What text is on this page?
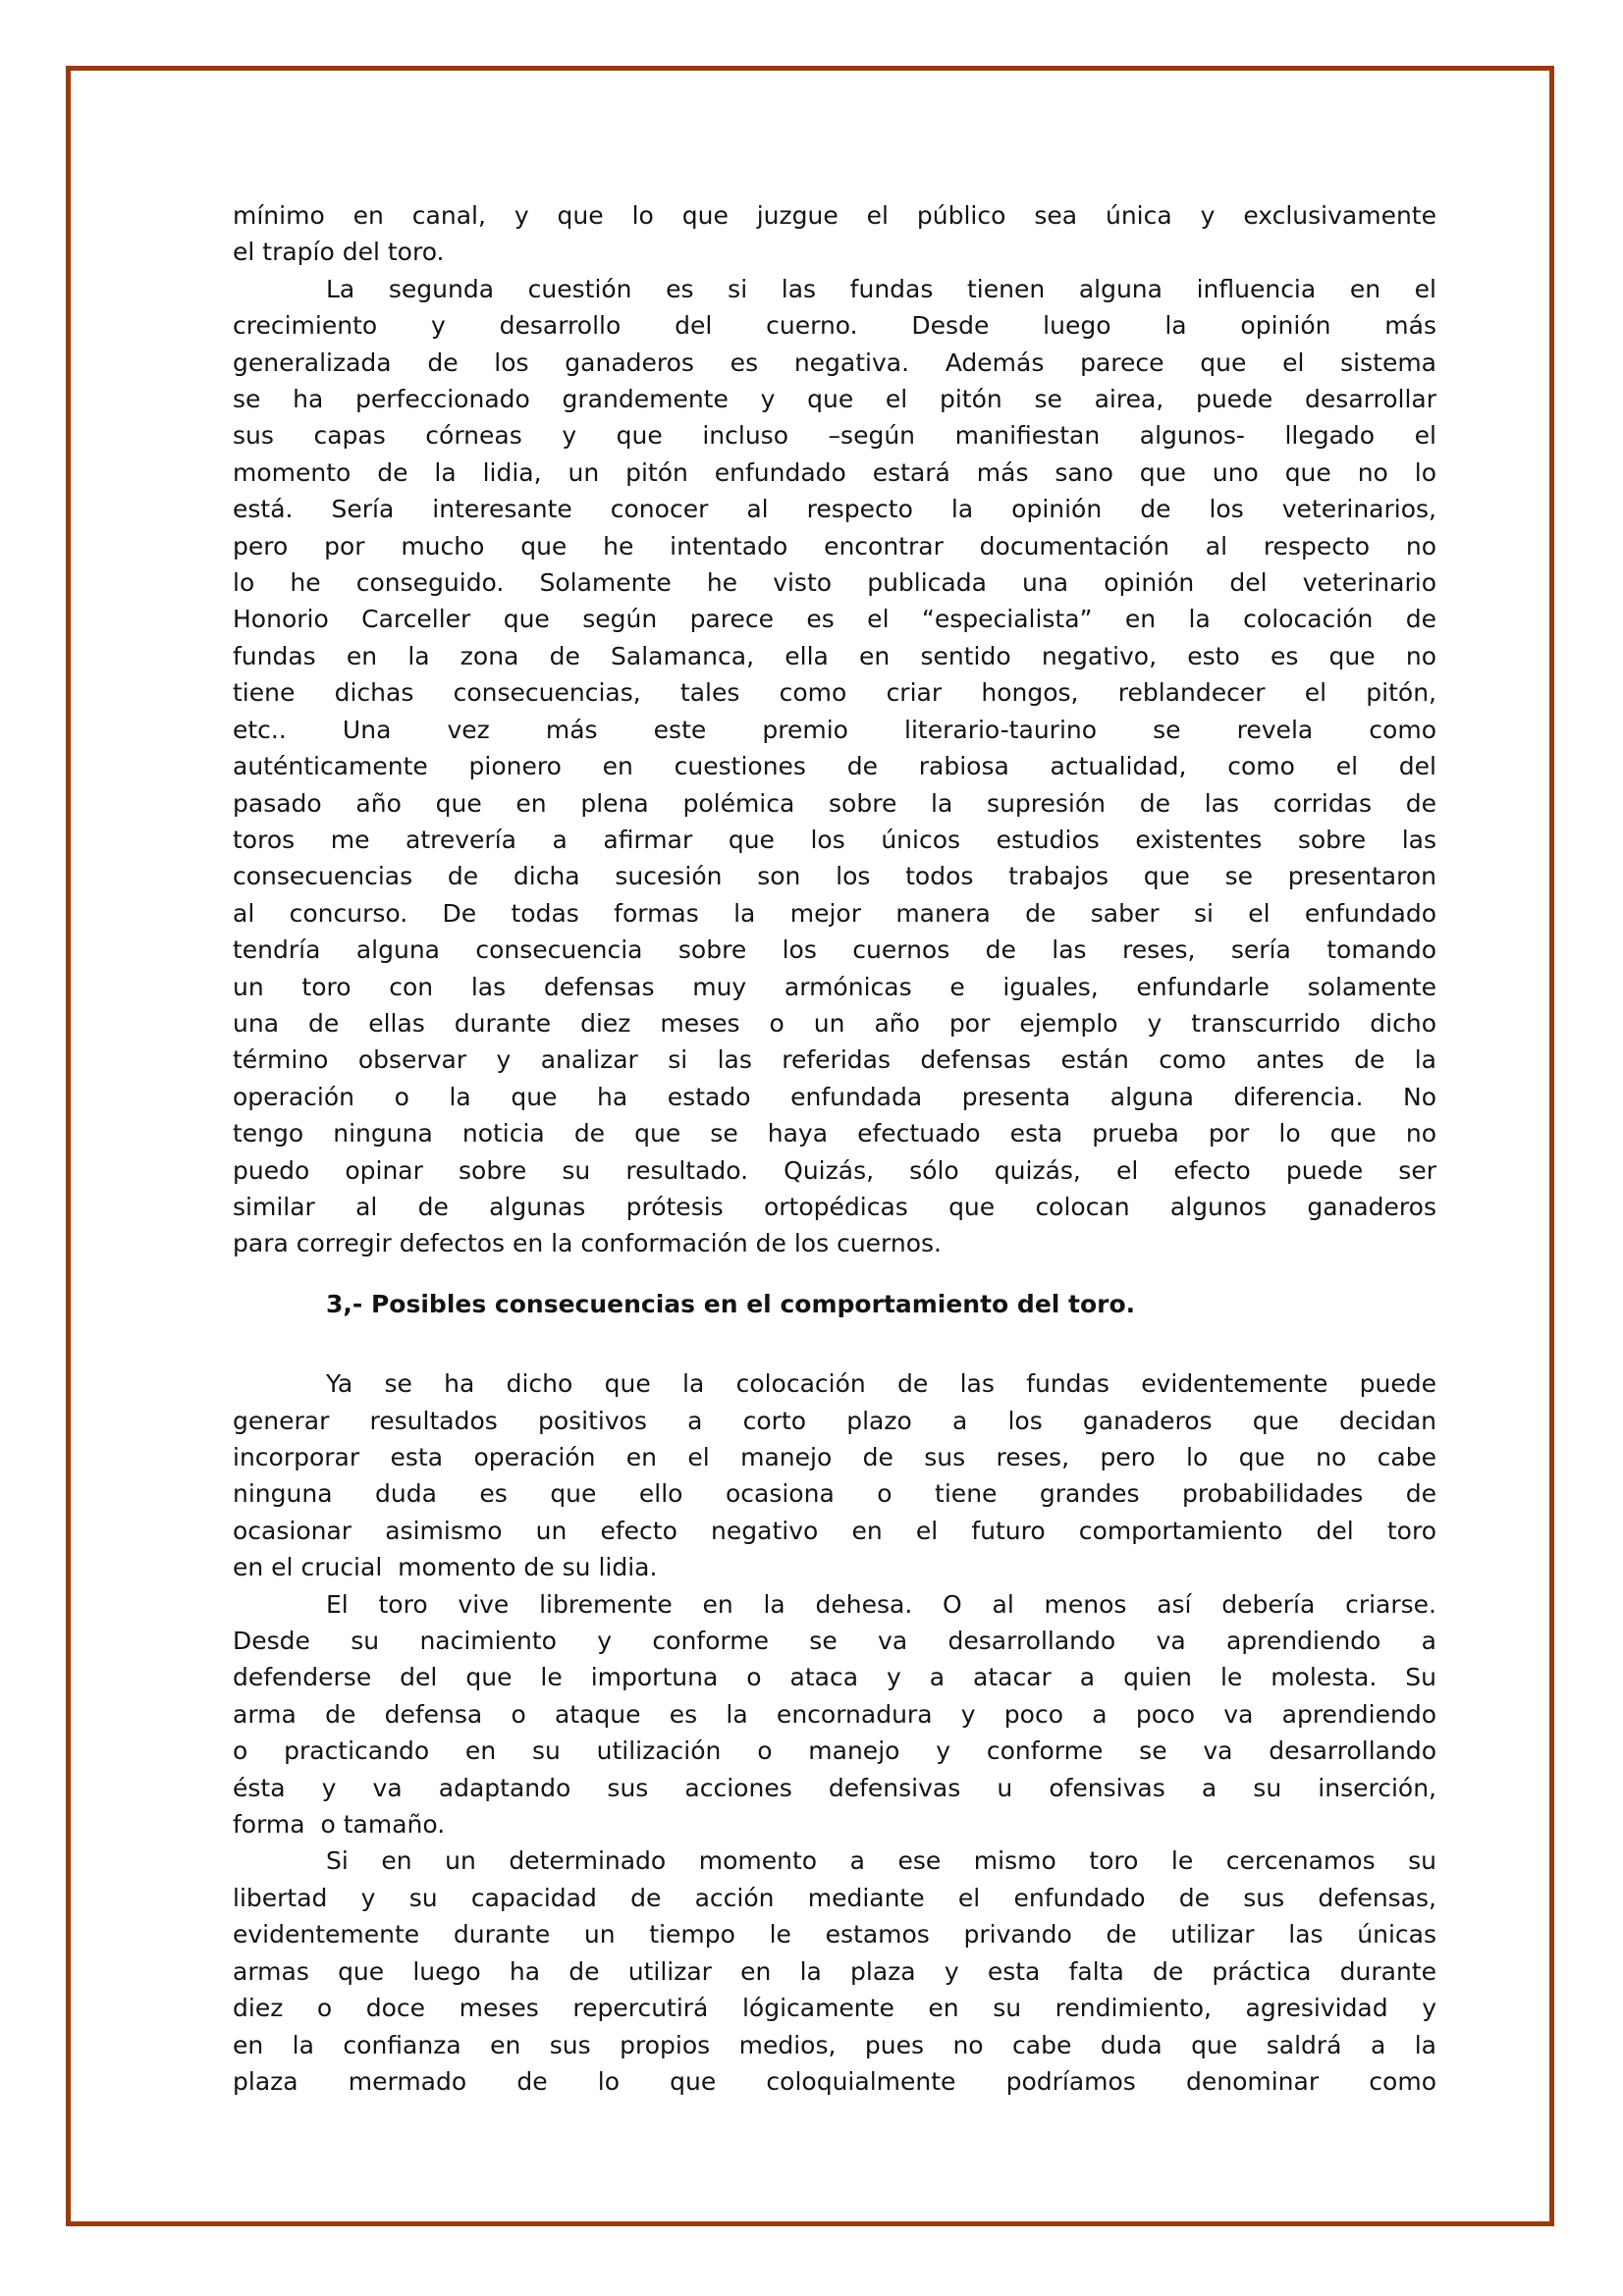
mínimo en canal, y que lo que juzgue el público sea única y exclusivamente
el trapío del toro.
La segunda cuestión es si las fundas tienen alguna influencia en el
crecimiento y desarrollo del cuerno. Desde luego la opinión más
generalizada de los ganaderos es negativa. Además parece que el sistema
se ha perfeccionado grandemente y que el pitón se airea, puede desarrollar
sus capas córneas y que incluso –según manifiestan algunos- llegado el
momento de la lidia, un pitón enfundado estará más sano que uno que no lo
está. Sería interesante conocer al respecto la opinión de los veterinarios,
pero por mucho que he intentado encontrar documentación al respecto no
lo he conseguido. Solamente he visto publicada una opinión del veterinario
Honorio Carceller que según parece es el “especialista” en la colocación de
fundas en la zona de Salamanca, ella en sentido negativo, esto es que no
tiene dichas consecuencias, tales como criar hongos, reblandecer el pitón,
etc.. Una vez más este premio literario-taurino se revela como
auténticamente pionero en cuestiones de rabiosa actualidad, como el del
pasado año que en plena polémica sobre la supresión de las corridas de
toros me atrevería a afirmar que los únicos estudios existentes sobre las
consecuencias de dicha sucesión son los todos trabajos que se presentaron
al concurso. De todas formas la mejor manera de saber si el enfundado
tendría alguna consecuencia sobre los cuernos de las reses, sería tomando
un toro con las defensas muy armónicas e iguales, enfundarle solamente
una de ellas durante diez meses o un año por ejemplo y transcurrido dicho
término observar y analizar si las referidas defensas están como antes de la
operación o la que ha estado enfundada presenta alguna diferencia. No
tengo ninguna noticia de que se haya efectuado esta prueba por lo que no
puedo opinar sobre su resultado. Quizás, sólo quizás, el efecto puede ser
similar al de algunas prótesis ortopédicas que colocan algunos ganaderos
para corregir defectos en la conformación de los cuernos.
3,- Posibles consecuencias en el comportamiento del toro.
Ya se ha dicho que la colocación de las fundas evidentemente puede
generar resultados positivos a corto plazo a los ganaderos que decidan
incorporar esta operación en el manejo de sus reses, pero lo que no cabe
ninguna duda es que ello ocasiona o tiene grandes probabilidades de
ocasionar asimismo un efecto negativo en el futuro comportamiento del toro
en el crucial  momento de su lidia.
El toro vive libremente en la dehesa. O al menos así debería criarse.
Desde su nacimiento y conforme se va desarrollando va aprendiendo a
defenderse del que le importuna o ataca y a atacar a quien le molesta. Su
arma de defensa o ataque es la encornadura y poco a poco va aprendiendo
o practicando en su utilización o manejo y conforme se va desarrollando
ésta y va adaptando sus acciones defensivas u ofensivas a su inserción,
forma  o tamaño.
Si en un determinado momento a ese mismo toro le cercenamos su
libertad y su capacidad de acción mediante el enfundado de sus defensas,
evidentemente durante un tiempo le estamos privando de utilizar las únicas
armas que luego ha de utilizar en la plaza y esta falta de práctica durante
diez o doce meses repercutirá lógicamente en su rendimiento, agresividad y
en la confianza en sus propios medios, pues no cabe duda que saldrá a la
plaza mermado de lo que coloquialmente podríamos denominar como
